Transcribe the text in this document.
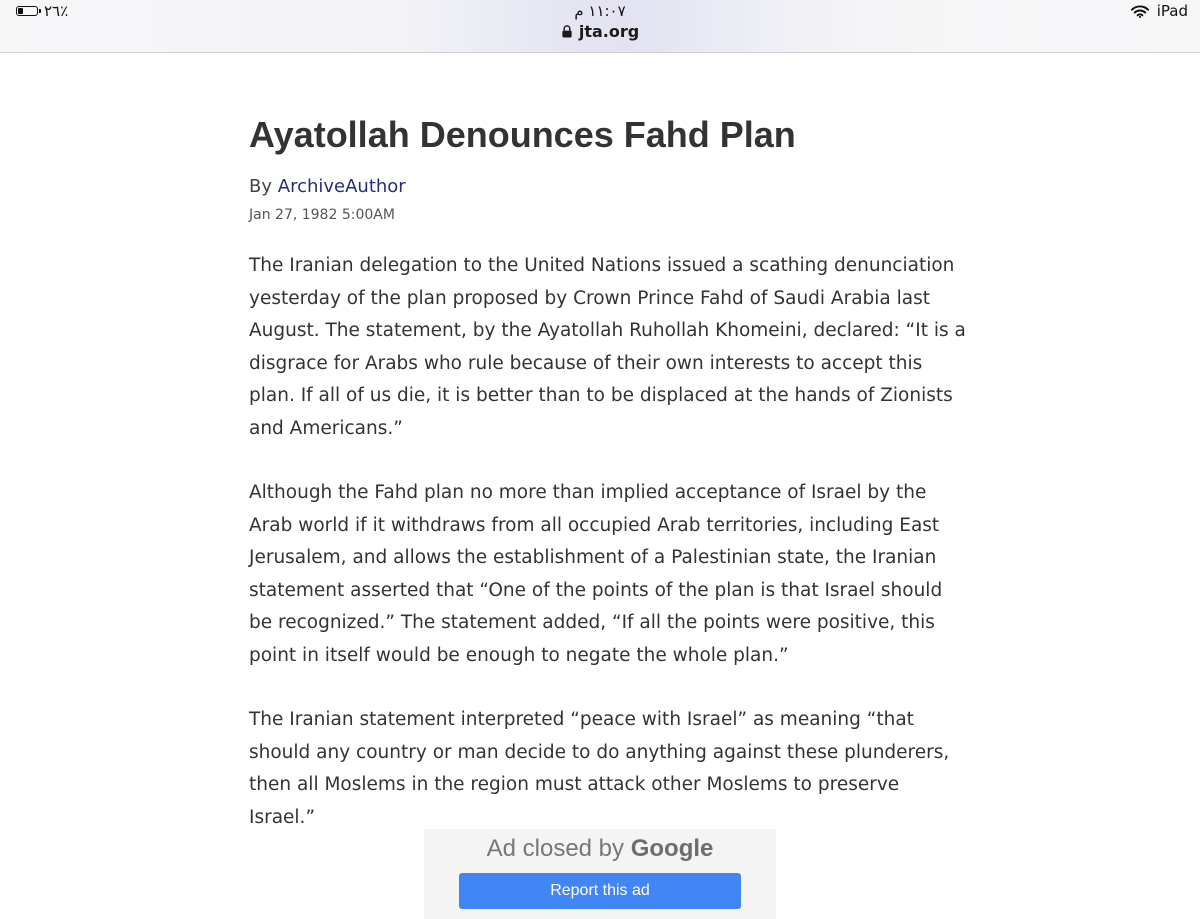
٢٦٪	١١:٠٧ م
jta.org
iPad
Ayatollah Denounces Fahd Plan
By ArchiveAuthor
Jan 27, 1982 5:00AM

The Iranian delegation to the United Nations issued a scathing denunciation yesterday of the plan proposed by Crown Prince Fahd of Saudi Arabia last August. The statement, by the Ayatollah Ruhollah Khomeini, declared: “It is a disgrace for Arabs who rule because of their own interests to accept this plan. If all of us die, it is better than to be displaced at the hands of Zionists and Americans.”

Although the Fahd plan no more than implied acceptance of Israel by the Arab world if it withdraws from all occupied Arab territories, including East Jerusalem, and allows the establishment of a Palestinian state, the Iranian statement asserted that “One of the points of the plan is that Israel should be recognized.” The statement added, “If all the points were positive, this point in itself would be enough to negate the whole plan.”

The Iranian statement interpreted “peace with Israel” as meaning “that should any country or man decide to do anything against these plunderers, then all Moslems in the region must attack other Moslems to preserve Israel.”

Ad closed by Google
Report this ad
